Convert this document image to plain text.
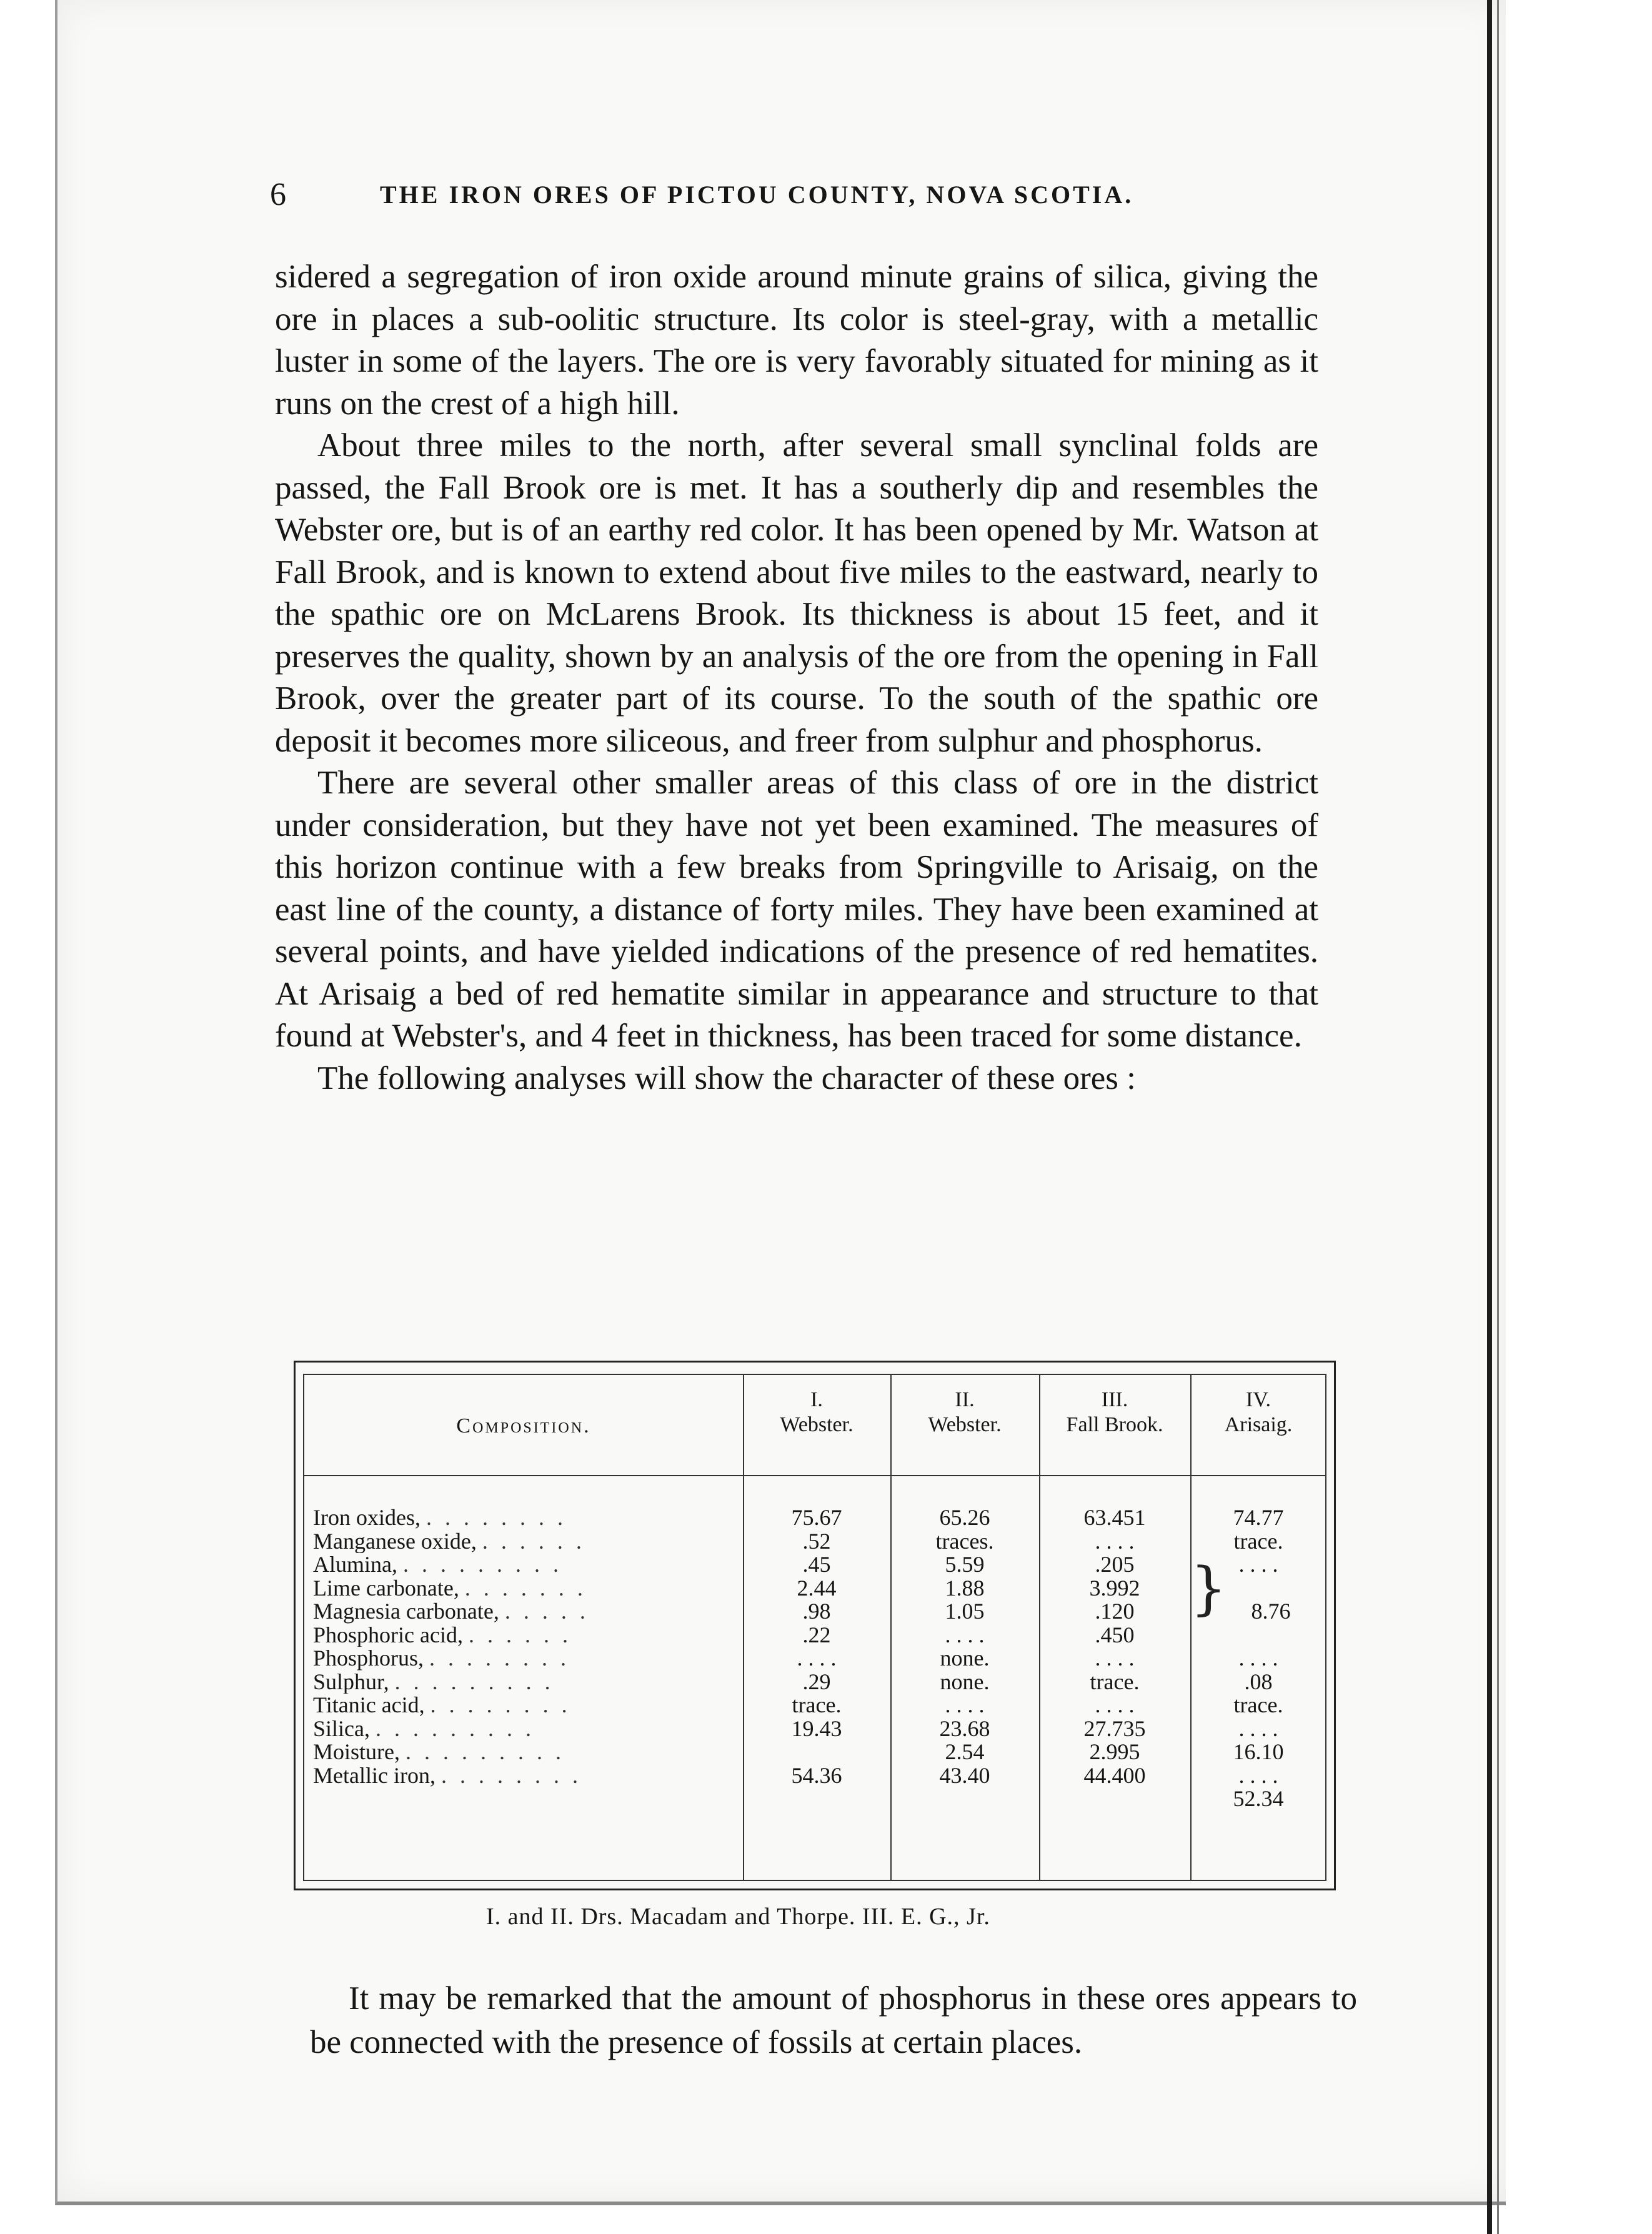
6	THE IRON ORES OF PICTOU COUNTY, NOVA SCOTIA.

sidered a segregation of iron oxide around minute grains of silica, giving the ore in places a sub-oolitic structure. Its color is steel-gray, with a metallic luster in some of the layers. The ore is very favorably situated for mining as it runs on the crest of a high hill.

About three miles to the north, after several small synclinal folds are passed, the Fall Brook ore is met. It has a southerly dip and resembles the Webster ore, but is of an earthy red color. It has been opened by Mr. Watson at Fall Brook, and is known to extend about five miles to the eastward, nearly to the spathic ore on McLarens Brook. Its thickness is about 15 feet, and it preserves the quality, shown by an analysis of the ore from the opening in Fall Brook, over the greater part of its course. To the south of the spathic ore deposit it becomes more siliceous, and freer from sulphur and phosphorus.

There are several other smaller areas of this class of ore in the district under consideration, but they have not yet been examined. The measures of this horizon continue with a few breaks from Springville to Arisaig, on the east line of the county, a distance of forty miles. They have been examined at several points, and have yielded indications of the presence of red hematites. At Arisaig a bed of red hematite similar in appearance and structure to that found at Webster's, and 4 feet in thickness, has been traced for some distance.

The following analyses will show the character of these ores :

Composition.
I.
Webster.
II.
Webster.
III.
Fall Brook.
IV.
Arisaig.
Iron oxides, . . . . . . . .
Manganese oxide, . . . . . .
Alumina, . . . . . . . . .
Lime carbonate, . . . . . . .
Magnesia carbonate, . . . . .
Phosphoric acid, . . . . . .
Phosphorus, . . . . . . . .
Sulphur, . . . . . . . . .
Titanic acid, . . . . . . . .
Silica, . . . . . . . . .
Moisture, . . . . . . . . .
Metallic iron, . . . . . . . .
75.67
.52
.45
2.44
.98
.22
. . . .
.29
trace.
19.43
54.36
65.26
traces.
5.59
1.88
1.05
. . . .
none.
none.
. . . .
23.68
2.54
43.40
63.451
. . . .
.205
3.992
.120
.450
. . . .
trace.
. . . .
27.735
2.995
44.400
74.77
trace.
. . . .
8.76
. . . .
.08
trace.
. . . .
16.10
. . . .
52.34
}
I. and II. Drs. Macadam and Thorpe. III. E. G., Jr.

It may be remarked that the amount of phosphorus in these ores appears to be connected with the presence of fossils at certain places.
